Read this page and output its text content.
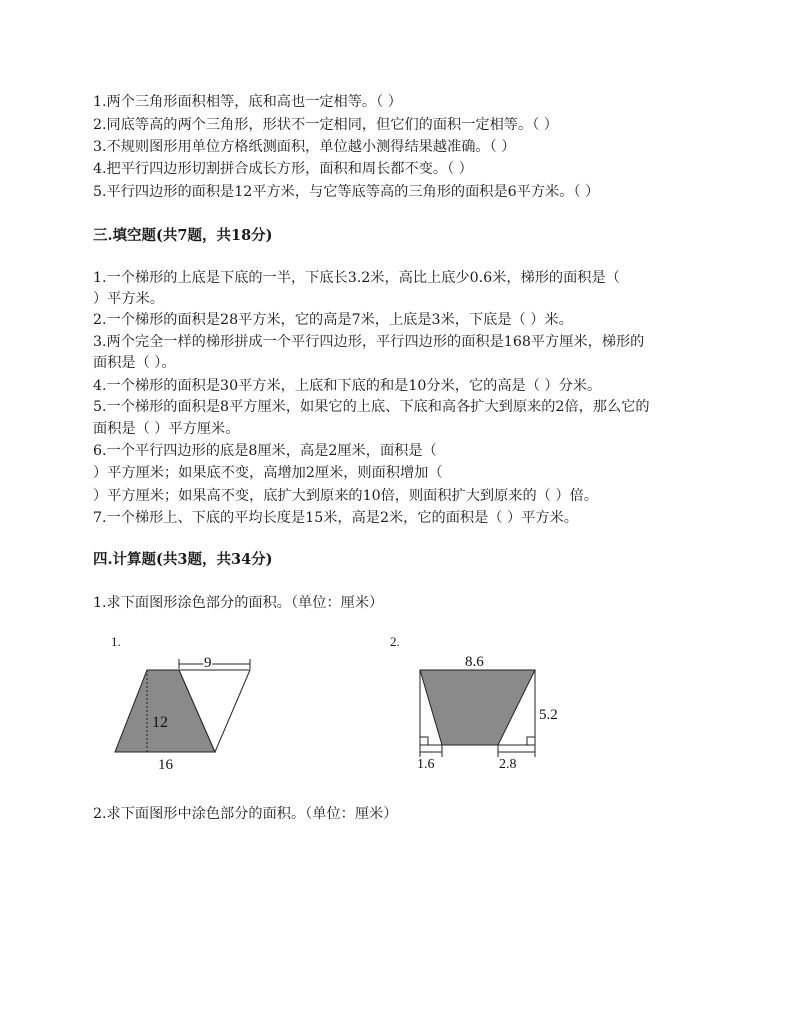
1.两个三角形面积相等，底和高也一定相等。（ ）
2.同底等高的两个三角形，形状不一定相同，但它们的面积一定相等。（ ）
3.不规则图形用单位方格纸测面积，单位越小测得结果越准确。（ ）
4.把平行四边形切割拼合成长方形，面积和周长都不变。（ ）
5.平行四边形的面积是12平方米，与它等底等高的三角形的面积是6平方米。（ ）
三.填空题(共7题，共18分)
1.一个梯形的上底是下底的一半，下底长3.2米，高比上底少0.6米，梯形的面积是（
）平方米。
2.一个梯形的面积是28平方米，它的高是7米，上底是3米，下底是（ ）米。
3.两个完全一样的梯形拼成一个平行四边形，平行四边形的面积是168平方厘米，梯形的
面积是（ ）。
4.一个梯形的面积是30平方米，上底和下底的和是10分米，它的高是（ ）分米。
5.一个梯形的面积是8平方厘米，如果它的上底、下底和高各扩大到原来的2倍，那么它的
面积是（ ）平方厘米。
6.一个平行四边形的底是8厘米，高是2厘米，面积是（
）平方厘米；如果底不变，高增加2厘米，则面积增加（
）平方厘米；如果高不变，底扩大到原来的10倍，则面积扩大到原来的（ ）倍。
7.一个梯形上、下底的平均长度是15米，高是2米，它的面积是（ ）平方米。
四.计算题(共3题，共34分)
1.求下面图形涂色部分的面积。（单位：厘米）
1.
9
12
16
2.
8.6
5.2
1.6	2.8
2.求下面图形中涂色部分的面积。（单位：厘米）
